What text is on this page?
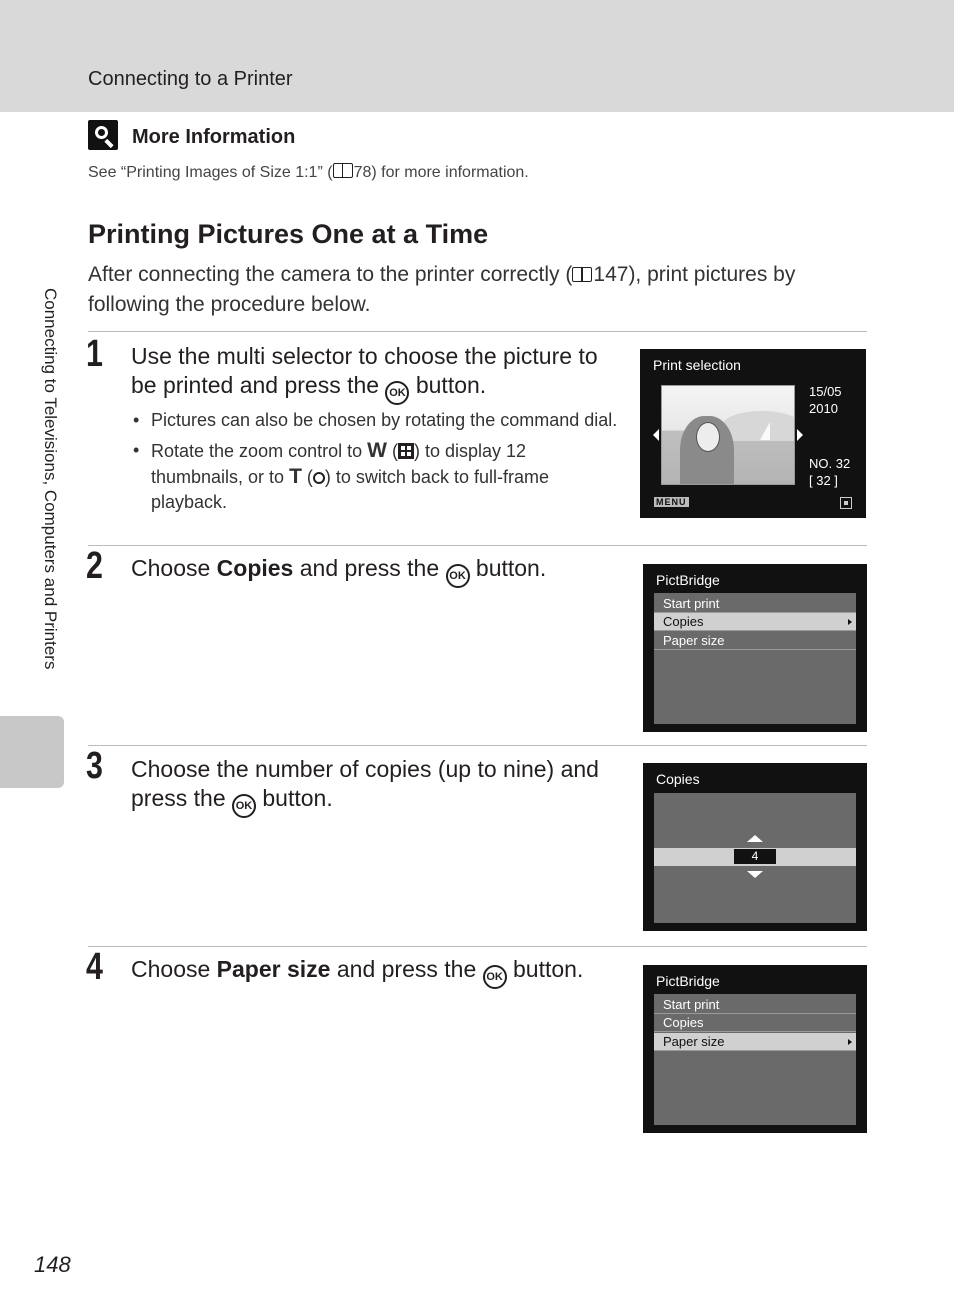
Connecting to a Printer
Connecting to Televisions, Computers and Printers
More Information
See “Printing Images of Size 1:1” ( 78) for more information.
Printing Pictures One at a Time
After connecting the camera to the printer correctly ( 147), print pictures by following the procedure below.
1 Use the multi selector to choose the picture to be printed and press the OK button.
• Pictures can also be chosen by rotating the command dial.
• Rotate the zoom control to W ( ) to display 12 thumbnails, or to T ( ) to switch back to full-frame playback.
Print selection
15/05
2010
NO. 32
[ 32 ]
MENU
2 Choose Copies and press the OK button.	PictBridge
Start print
Copies
Paper size
3 Choose the number of copies (up to nine) and press the OK button.
Copies
4
4 Choose Paper size and press the OK button.	PictBridge
Start print
Copies
Paper size
148
